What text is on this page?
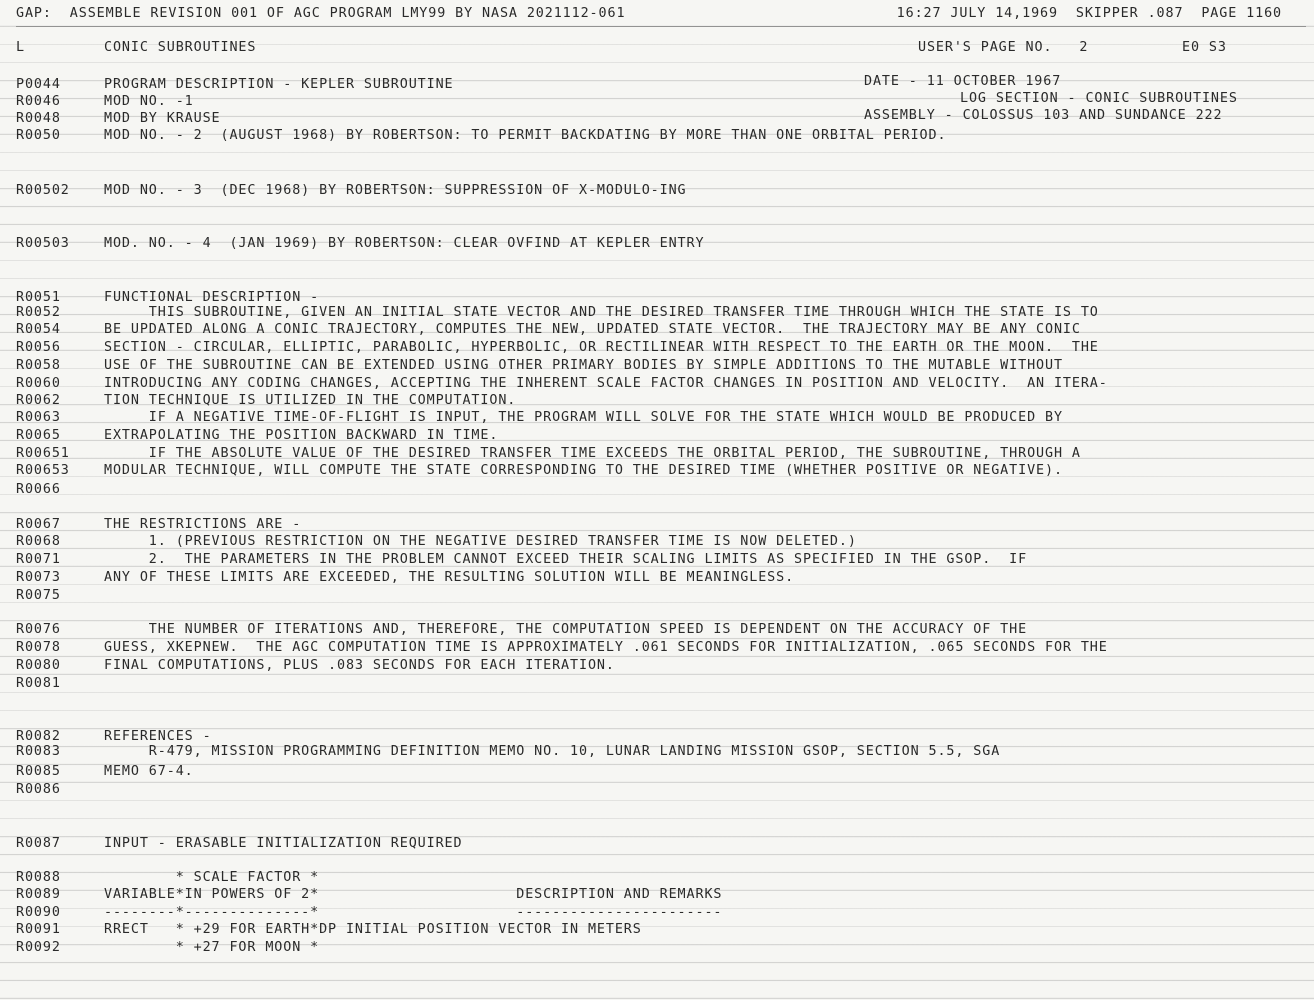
GAP:  ASSEMBLE REVISION 001 OF AGC PROGRAM LMY99 BY NASA 2021112-061	16:27 JULY 14,1969  SKIPPER .087  PAGE 1160
L	CONIC SUBROUTINES	USER'S PAGE NO.   2	E0 S3
DATE - 11 OCTOBER 1967
LOG SECTION - CONIC SUBROUTINES
ASSEMBLY - COLOSSUS 103 AND SUNDANCE 222
P0044	PROGRAM DESCRIPTION - KEPLER SUBROUTINE
R0046	MOD NO. -1
R0048	MOD BY KRAUSE
R0050	MOD NO. - 2  (AUGUST 1968) BY ROBERTSON: TO PERMIT BACKDATING BY MORE THAN ONE ORBITAL PERIOD.
R00502	MOD NO. - 3  (DEC 1968) BY ROBERTSON: SUPPRESSION OF X-MODULO-ING
R00503	MOD. NO. - 4  (JAN 1969) BY ROBERTSON: CLEAR OVFIND AT KEPLER ENTRY
R0051	FUNCTIONAL DESCRIPTION -
R0052	THIS SUBROUTINE, GIVEN AN INITIAL STATE VECTOR AND THE DESIRED TRANSFER TIME THROUGH WHICH THE STATE IS TO
R0054	BE UPDATED ALONG A CONIC TRAJECTORY, COMPUTES THE NEW, UPDATED STATE VECTOR.  THE TRAJECTORY MAY BE ANY CONIC
R0056	SECTION - CIRCULAR, ELLIPTIC, PARABOLIC, HYPERBOLIC, OR RECTILINEAR WITH RESPECT TO THE EARTH OR THE MOON.  THE
R0058	USE OF THE SUBROUTINE CAN BE EXTENDED USING OTHER PRIMARY BODIES BY SIMPLE ADDITIONS TO THE MUTABLE WITHOUT
R0060	INTRODUCING ANY CODING CHANGES, ACCEPTING THE INHERENT SCALE FACTOR CHANGES IN POSITION AND VELOCITY.  AN ITERA-
R0062	TION TECHNIQUE IS UTILIZED IN THE COMPUTATION.
R0063	IF A NEGATIVE TIME-OF-FLIGHT IS INPUT, THE PROGRAM WILL SOLVE FOR THE STATE WHICH WOULD BE PRODUCED BY
R0065	EXTRAPOLATING THE POSITION BACKWARD IN TIME.
R00651	IF THE ABSOLUTE VALUE OF THE DESIRED TRANSFER TIME EXCEEDS THE ORBITAL PERIOD, THE SUBROUTINE, THROUGH A
R00653	MODULAR TECHNIQUE, WILL COMPUTE THE STATE CORRESPONDING TO THE DESIRED TIME (WHETHER POSITIVE OR NEGATIVE).
R0066
R0067	THE RESTRICTIONS ARE -
R0068	1. (PREVIOUS RESTRICTION ON THE NEGATIVE DESIRED TRANSFER TIME IS NOW DELETED.)
R0071	2.  THE PARAMETERS IN THE PROBLEM CANNOT EXCEED THEIR SCALING LIMITS AS SPECIFIED IN THE GSOP.  IF
R0073	ANY OF THESE LIMITS ARE EXCEEDED, THE RESULTING SOLUTION WILL BE MEANINGLESS.
R0075
R0076	THE NUMBER OF ITERATIONS AND, THEREFORE, THE COMPUTATION SPEED IS DEPENDENT ON THE ACCURACY OF THE
R0078	GUESS, XKEPNEW.  THE AGC COMPUTATION TIME IS APPROXIMATELY .061 SECONDS FOR INITIALIZATION, .065 SECONDS FOR THE
R0080	FINAL COMPUTATIONS, PLUS .083 SECONDS FOR EACH ITERATION.
R0081
R0082	REFERENCES -
R0083	R-479, MISSION PROGRAMMING DEFINITION MEMO NO. 10, LUNAR LANDING MISSION GSOP, SECTION 5.5, SGA
R0085	MEMO 67-4.
R0086
R0087	INPUT - ERASABLE INITIALIZATION REQUIRED
R0088	* SCALE FACTOR *
R0089	VARIABLE*IN POWERS OF 2*                      DESCRIPTION AND REMARKS
R0090	--------*--------------*                      -----------------------
R0091	RRECT   * +29 FOR EARTH*DP INITIAL POSITION VECTOR IN METERS
R0092	* +27 FOR MOON *
